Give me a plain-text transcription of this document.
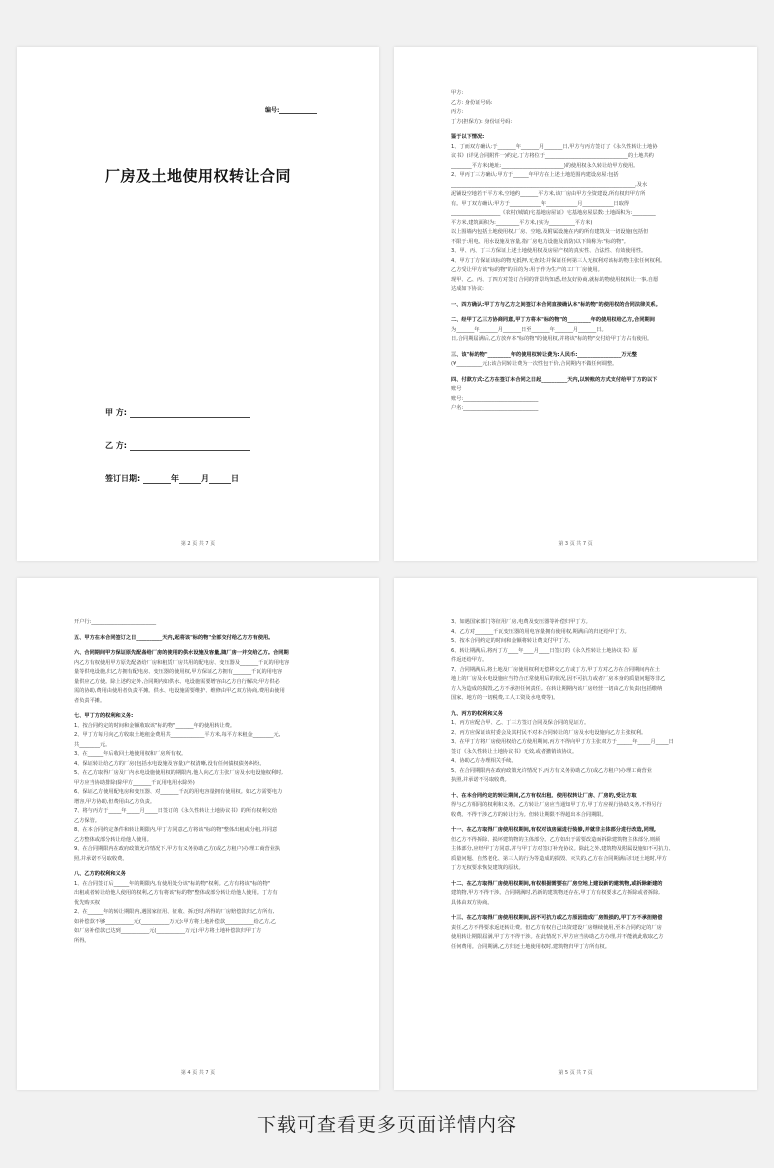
编号:
厂房及土地使用权转让合同
甲 方:
乙 方:
签订日期:	年	月	日
第 2 页 共 7 页
甲方:
乙方: 身份证号码:
丙方:
丁方(担保方): 身份证号码:
鉴于以下情况:
1、丁而双方确认:于_______年_______月_______日,甲方与丙方签订了《永久性转让土地协
议书》(详见合同附件一)约定,丁方将位于________________________________的土地共约
________平方米(地址:________________________)的使用权永久转让给甲方使用。
2、甲丙丁三方确认:甲方于______年甲方在上述土地范围内建设房屋:包括
_______________________________________________________________________,及水
泥铺设空地若干平方米,空地约_______平方米,该厂房由甲方全资建设,所有权归甲方所
有。甲丁双方确认:甲方于____________年____________月____________日取得
___________________《农村(城镇)宅基地房屋证》宅基地房屋层数:土地面积为:_________
平方米,建筑面积为:_________平方米,(实为__________平方米)
以上围墙内包括土地使用权,厂房、空地,及附属设施在内的所有建筑及一切设施(包括但
不限于:用电、用水设施及容量,指厂房电力设施及消防)以下简称为:"标的物"。
3、甲、丙、丁三方保证上述土地使用权及房屋产权的真实性、合法性、有效使用性。
4、甲方丁方保证该标的物无抵押,无查封;并保证任何第三人无权利对该标的物主张任何权利。
乙方受让甲方该"标的物"的目的为:用于作为生产的工厂厂房使用。
现甲、乙、丙、丁四方对签订合同的背景均知悉,经友好协商,就标的物使用权转让一事,自愿
达成如下协议:
一、四方确认:甲丁方与乙方之间签订本合同直接确认本"标的物"的使用权的合同法律关系。
二、经甲丁乙三方协商同意,甲丁方将本"标的物"的_________年的使用权给乙方,合同期间
为_______年_______月_______日至_______年_______月_______日。
日,合同期届满后,乙方放弃本"标的物"的使用权,并将该"标的物"交付给甲丁方占有使用。
三、该"标的物"_________年的使用权转让费为:人民币:_________________万元整
(¥__________元);该合同转让费为一次性包干价,合同期内不做任何调整。
四、付款方式:乙方在签订本合同之日起__________天内,以转账的方式支付给甲丁方的以下
账号
账号:_____________________________
户名:_____________________________
第 3 页 共 7 页
开户行:_________________________
五、甲方在本合同签订之日__________天内,起将该"标的物"全部交付给乙方方有使用。
六、合同期间甲方保证原先配备给厂房的使用的供水设施及容量,随厂房一并交给乙方。合同期
内乙方有权使用甲方原先配备给厂房和租赁厂房共用的配电房、变压器及_______千瓦的用电容
量等供电设施,归乙方拥有配电房、变压器的使用权,甲方保证乙方拥有_______千瓦的用电容
量供应乙方使。除上述约定外,合同期内如供水、电设施需要增容由乙方自行解决;甲方供必
需的协助,费用由使用者负责平摊。供水、电设施需要维护、维修由甲乙双方协商,费用由使用
者负责平摊。
七、甲丁方的权利和义务:
1、按合同约定的时间和金额收取该"标的物"_______年的使用转让费。
2、甲丁方每月向乙方收取土地租金费用共_____________平方米,每平方米租金________元,
共________元。
3、在______年后收回土地使用权和厂房所有权。
4、保证转让给乙方的厂房(包括水电设施及容量)产权清晰,没有任何债权债务纠纷。
5、在乙方取得厂房及厂内水电设施使用权的期限内,他人向乙方主张厂房及水电设施权利时,
甲方应当协助排除(除甲方_______千瓦用电用水除外)
6、保证乙方使用配电房和变压器、对_______千瓦的用电容量拥有使用权。如乙方需要电力
增容,甲方协助,但费用由乙方负责。
7、将与丙方于_____年_____月_____日签订的《永久性转让土地协议书》的所有权利交给
乙方保管。
8、在本合同约定条件和转让期限内,甲丁方同意乙方将该"标的物"整体出租或分租,并同意
乙方整体或部分转让给他人使用。
9、在合同期限内在政府政策允许情况下,甲方有义务协助乙方(或乙方租户)办理工商营业执
照,并承诺不另取收费。
八、乙方的权利和义务
1、在合同签订后______年的期限内,有使用处分该"标的物"权利。乙方有将该"标的物"
出租或者转让给他人使用的权利,乙方有将该"标的物"整体或部分转让给他人使用。丁方有
优先购买权
2、在______年的转让期限内,遇国家征用、征收、拆迁时,所得的厂房赔偿款归乙方所有,
如补偿款不够___________元(___________万元):甲方将土地补偿款___________给乙方,乙
如厂房补偿款已达到___________元(___________万元):甲方将土地补偿款归甲丁方
所得。
第 4 页 共 7 页
3、如遇国家部门等征用厂房,电费及变压器等补偿归甲丁方。
4、乙方对_______千瓦变压器的用电容量拥有使用权,期满后的归还给甲丁方。
5、按本合同约定的时间和金额将转让费支付甲丁方。
6、转让期满后,将丙丁方____年____月____日签订的《永久性转让土地协议书》原
件返还给甲方。
7、合同期满后,将土地及厂房使用权利无偿移交乙方或丁方,甲丁方对乙方在合同期间内在土
地上的厂房及水电设施应当符合正常使用后的状况,因不可抗力或者厂房本身的质量问题等非乙
方人为造成的损毁,乙方不承担任何责任。在转让期期内该厂房经营一切由乙方负责(包括缴纳
国家、地方的一切税费,工人工资及水电费等)。
九、丙方的权利和义务
1、丙方应配合甲、乙、丁三方签订合同及保合同的见证方。
2、丙方应保证该村委会及其村民不对本合同转让的厂房及水电设施向乙方主张权利。
3、在甲丁方将厂房使用权给乙方使用期间,丙方不得向甲丁方主张双方于______年_____月_____日
签订《永久性转让土地协议书》无效,或者撤销该协议。
4、协助乙方办理相关手续。
5、在合同期限内在政府政策允许情况下,丙方有义务协助乙方(或乙方租户)办理工商营业
执照,并承诺不另取收费。
十、在本合同约定的转让期间,乙方有权出租、使用权转让厂房、厂房的,受让方取
得与乙方相同的权利和义务。乙方转让厂房应当通知甲丁方,甲丁方应视行协助义务,不得另行
收费。不得干涉乙方的转让行为。但转让期限不得超出本合同期限。
十一、在乙方取得厂房使用权期间,有权对该房屋进行装修,并就非主体部分进行改造,同理,
但乙方不得拆除、损坏建筑物的主体部分。乙方如出于需要改造而拆除建筑物主体部分,则须
主体部分,应经甲丁方同意,并与甲丁方对签订补充协议。除此之外,建筑物及附属设施如不可抗力、
质量问题、自然老化、第三人的行为等造成的损毁、灭失的,乙方在合同期满后归还土地时,甲方
丁方无权要求恢复建筑的原状。
十二、在乙方取得厂房使用权期间,有权根据需要在厂房空地上建设新的建筑物,或拆除新建的
建筑物,甲方不得干涉。合同期满时,若新的建筑物还存在,甲丁方有权要求乙方拆除或者拆除,
具体由双方协商。
十三、在乙方取得厂房使用权期间,因不可抗力或乙方原因造成厂房毁损的,甲丁方不承担赔偿
责任,乙方不得要求返还转让费。但乙方有权自己出资建设厂房继续使用,至本合同约定的厂房
使用转让期限届满,甲丁方不得干涉。在此情况下,甲方应当协助乙方办理,并不能就此收取乙方
任何费用。合同期满,乙方归还土地使用权时,建筑物归甲丁方所有权。
第 5 页 共 7 页
下载可查看更多页面详情内容
